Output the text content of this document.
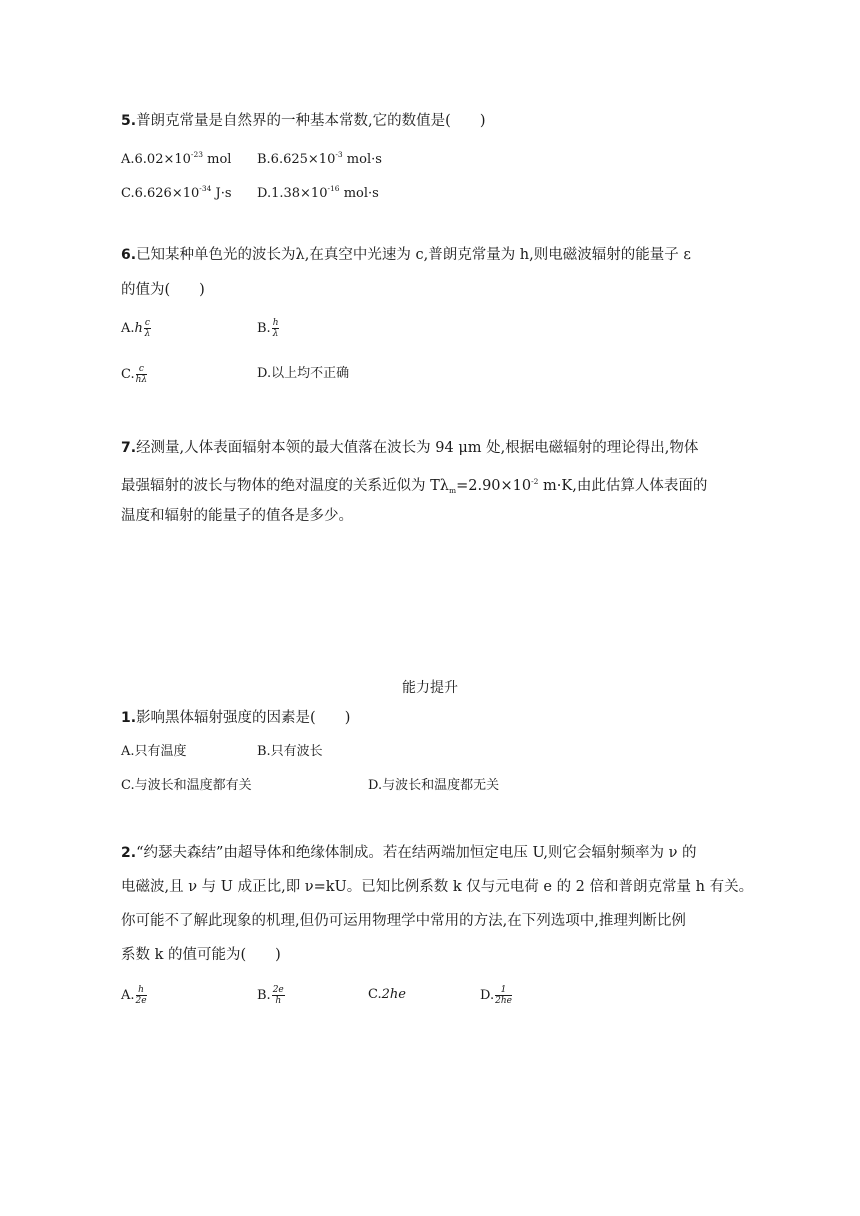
5.普朗克常量是自然界的一种基本常数,它的数值是(　　)
$A.6.02\times 10^{-23}$ mol $B.6.625\times 10^{-3}$ mol·s
$C.6.626\times 10^{-34}$ J·s $D.1.38\times 10^{-16}$ mol·s
6.已知某种单色光的波长为λ,在真空中光速为 c,普朗克常量为 h,则电磁波辐射的能量子 ε
的值为(　　)
$A.h \frac{c}{\lambda}$	B. $\frac{h}{\lambda}$
C. $\frac{c}{h\lambda}$	D.以上均不正确
7.经测量,人体表面辐射本领的最大值落在波长为 94 μm 处,根据电磁辐射的理论得出,物体
最强辐射的波长与物体的绝对温度的关系近似为 $T\lambda_m=2.90\times 10^{-2}$ m·K,由此估算人体表面的
温度和辐射的能量子的值各是多少。
能力提升
1.影响黑体辐射强度的因素是(　　)
A.只有温度	B.只有波长
C.与波长和温度都有关	D.与波长和温度都无关
2.“约瑟夫森结”由超导体和绝缘体制成。若在结两端加恒定电压 U,则它会辐射频率为 ν 的
电磁波,且 ν 与 U 成正比,即 ν=kU。已知比例系数 k 仅与元电荷 e 的 2 倍和普朗克常量 h 有关。
你可能不了解此现象的机理,但仍可运用物理学中常用的方法,在下列选项中,推理判断比例
系数 k 的值可能为(　　)
A. $\frac{h}{2e}$	B. $\frac{2e}{h}$	C.2he	D. $\frac{1}{2he}$
